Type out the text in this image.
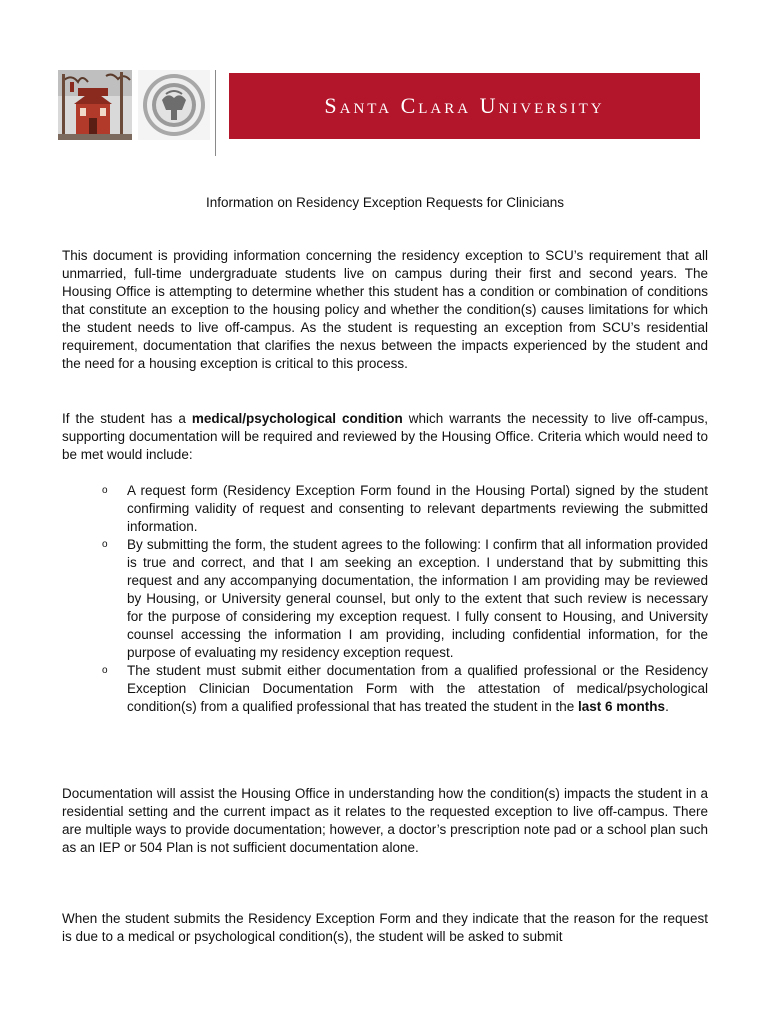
Santa Clara University
Information on Residency Exception Requests for Clinicians

This document is providing information concerning the residency exception to SCU’s requirement that all unmarried, full-time undergraduate students live on campus during their first and second years. The Housing Office is attempting to determine whether this student has a condition or combination of conditions that constitute an exception to the housing policy and whether the condition(s) causes limitations for which the student needs to live off-campus. As the student is requesting an exception from SCU’s residential requirement, documentation that clarifies the nexus between the impacts experienced by the student and the need for a housing exception is critical to this process.

If the student has a medical/psychological condition which warrants the necessity to live off-campus, supporting documentation will be required and reviewed by the Housing Office. Criteria which would need to be met would include:

o A request form (Residency Exception Form found in the Housing Portal) signed by the student confirming validity of request and consenting to relevant departments reviewing the submitted information.
o By submitting the form, the student agrees to the following: I confirm that all information provided is true and correct, and that I am seeking an exception. I understand that by submitting this request and any accompanying documentation, the information I am providing may be reviewed by Housing, or University general counsel, but only to the extent that such review is necessary for the purpose of considering my exception request. I fully consent to Housing, and University counsel accessing the information I am providing, including confidential information, for the purpose of evaluating my residency exception request.
o The student must submit either documentation from a qualified professional or the Residency Exception Clinician Documentation Form with the attestation of medical/psychological condition(s) from a qualified professional that has treated the student in the last 6 months.

Documentation will assist the Housing Office in understanding how the condition(s) impacts the student in a residential setting and the current impact as it relates to the requested exception to live off-campus. There are multiple ways to provide documentation; however, a doctor’s prescription note pad or a school plan such as an IEP or 504 Plan is not sufficient documentation alone.

When the student submits the Residency Exception Form and they indicate that the reason for the request is due to a medical or psychological condition(s), the student will be asked to submit
